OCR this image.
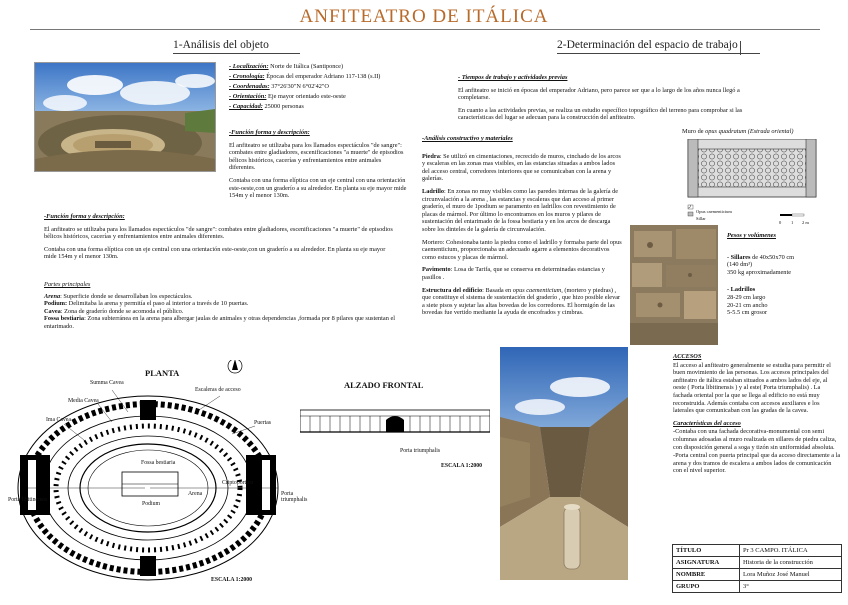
ANFITEATRO DE ITÁLICA
1-Análisis del objeto	2-Determinación del espacio de trabajo
- Localización: Norte de Itálica (Santiponce)
- Cronología: Épocas del emperador Adriano 117-138 (s.II)
- Coordenadas: 37°26'30"N 6°02'42"O
- Orientación: Eje mayor orientado este-oeste
- Capacidad: 25000 personas

-Función forma y descripción:

El anfiteatro se utilizaba para los llamados espectáculos "de sangre": combates entre gladiadores, escenificaciones "a muerte" de episodios bélicos históricos, cacerías y enfrentamientos entre animales diferentes.

Contaba con una forma elíptica con un eje central con una orientación este-oeste,con un graderío a su alrededor. En planta su eje mayor mide 154m y el menor 130m.

-Función forma y descripción:

El anfiteatro se utilizaba para los llamados espectáculos "de sangre": combates entre gladiadores, escenificaciones "a muerte" de episodios bélicos históricos, cacerías y enfrentamientos entre animales diferentes.

Contaba con una forma elíptica con un eje central con una orientación este-oeste,con un graderío a su alrededor. En planta su eje mayor mide 154m y el menor 130m.

Partes principales

Arena: Superficie donde se desarrollaban los espectáculos.
Podium: Delimitaba la arena y permitía el paso al interior a través de 10 puertas.
Cavea: Zona de graderío donde se acomoda el público.
Fossa bestiaria: Zona subterránea en la arena para albergar jaulas de animales y otras dependencias ,formada por 8 pilares que sustentan el entarimado.
PLANTA
Summa Cavea
Escaleras de acceso
Media Cavea
Ima Cavea	Puertas
Porta libitinensis
Porta triumphalis
Fossa bestiaria
Arena
Podium
Criptopórtico
ESCALA 1:2000
ALZADO FRONTAL
Porta triumphalis
ESCALA 1:2000

- Tiempos de trabajo y actividades previas

El anfiteatro se inició en épocas del emperador Adriano, pero parece ser que a lo largo de los años nunca llegó a completarse.

En cuanto a las actividades previas, se realiza un estudio específico topográfico del terreno para comprobar si las características del lugar se adecuan para la construcción del anfiteatro.

-Análisis constructivo y materiales

Piedra: Se utilizó en cimentaciones, recrecido de muros, cinchado de los arcos y escaleras en las zonas mas visibles, en las estancias situadas a ambos lados del acceso central, corredores interiores que se comunicaban con la arena y galerías.

Ladrillo: En zonas no muy visibles como las paredes internas de la galería de circunvalación a la arena , las estancias y escaleras que dan acceso al primer graderío, el muro de 1podium se paramento en ladrillos con revestimiento de placas de mármol. Por último lo encontramos en los muros y pilares de sustentación del entarimado de la fossa bestiaria y en los arcos de descarga sobre los dinteles de la galería de circunvalación.

Mortero: Cohesionaba tanto la piedra como el ladrillo y formaba parte del opus caementicium, proporcionaba un adecuado agarre a elementos decorativos como estucos y placas de mármol.

Pavimento: Losa de Tarifa, que se conserva en determinadas estancias y pasillos .

Estructura del edificio: Basada en opus caementicium, (mortero y piedras) , que constituye el sistema de sustentación del graderío , que hizo posible elevar a siete pisos y sujetar las altas bovedas de los corredores. El hormigón de las bovedas fue vertido mediante la ayuda de encofrados y cimbras.

Muro de opus quadratum (Estrada oriental)
Opus caementicium
Sillar
0 1 2 m

Pesos y volúmenes

- Sillares de 40x50x70 cm
(140 dm³)
350 kg aproximadamente
- Ladrillos
28-29 cm largo
20-21 cm ancho
5-5.5 cm grosor

ACCESOS

El acceso al anfiteatro generalmente se estudia para permitir el buen movimiento de las personas. Los accesos principales del anfiteatro de itálica estaban situados a ambos lados del eje, al oeste ( Porta libitinensis ) y al este( Porta triumphalis) . La fachada oriental por la que se llega al edificio no está muy reconstruida. Además contaba con accesos auxiliares e los laterales que comunicaban con las gradas de la cavea.

Características del acceso

-Contaba con una fachada decorativa-monumental con semi columnas adosadas al muro realizada en sillares de piedra caliza, con disposición general a soga y tizón sin uniformidad absoluta.

-Porta central con puerta principal que da acceso directamente a la arena y dos tramos de escalera a ambos lados de comunicación con el nivel superior.

TÍTULO	Pr 3 CAMPO. ITÁLICA
ASIGNATURA	Historia de la construcción
NOMBRE	Lora Muñoz José Manuel
GRUPO	3°
